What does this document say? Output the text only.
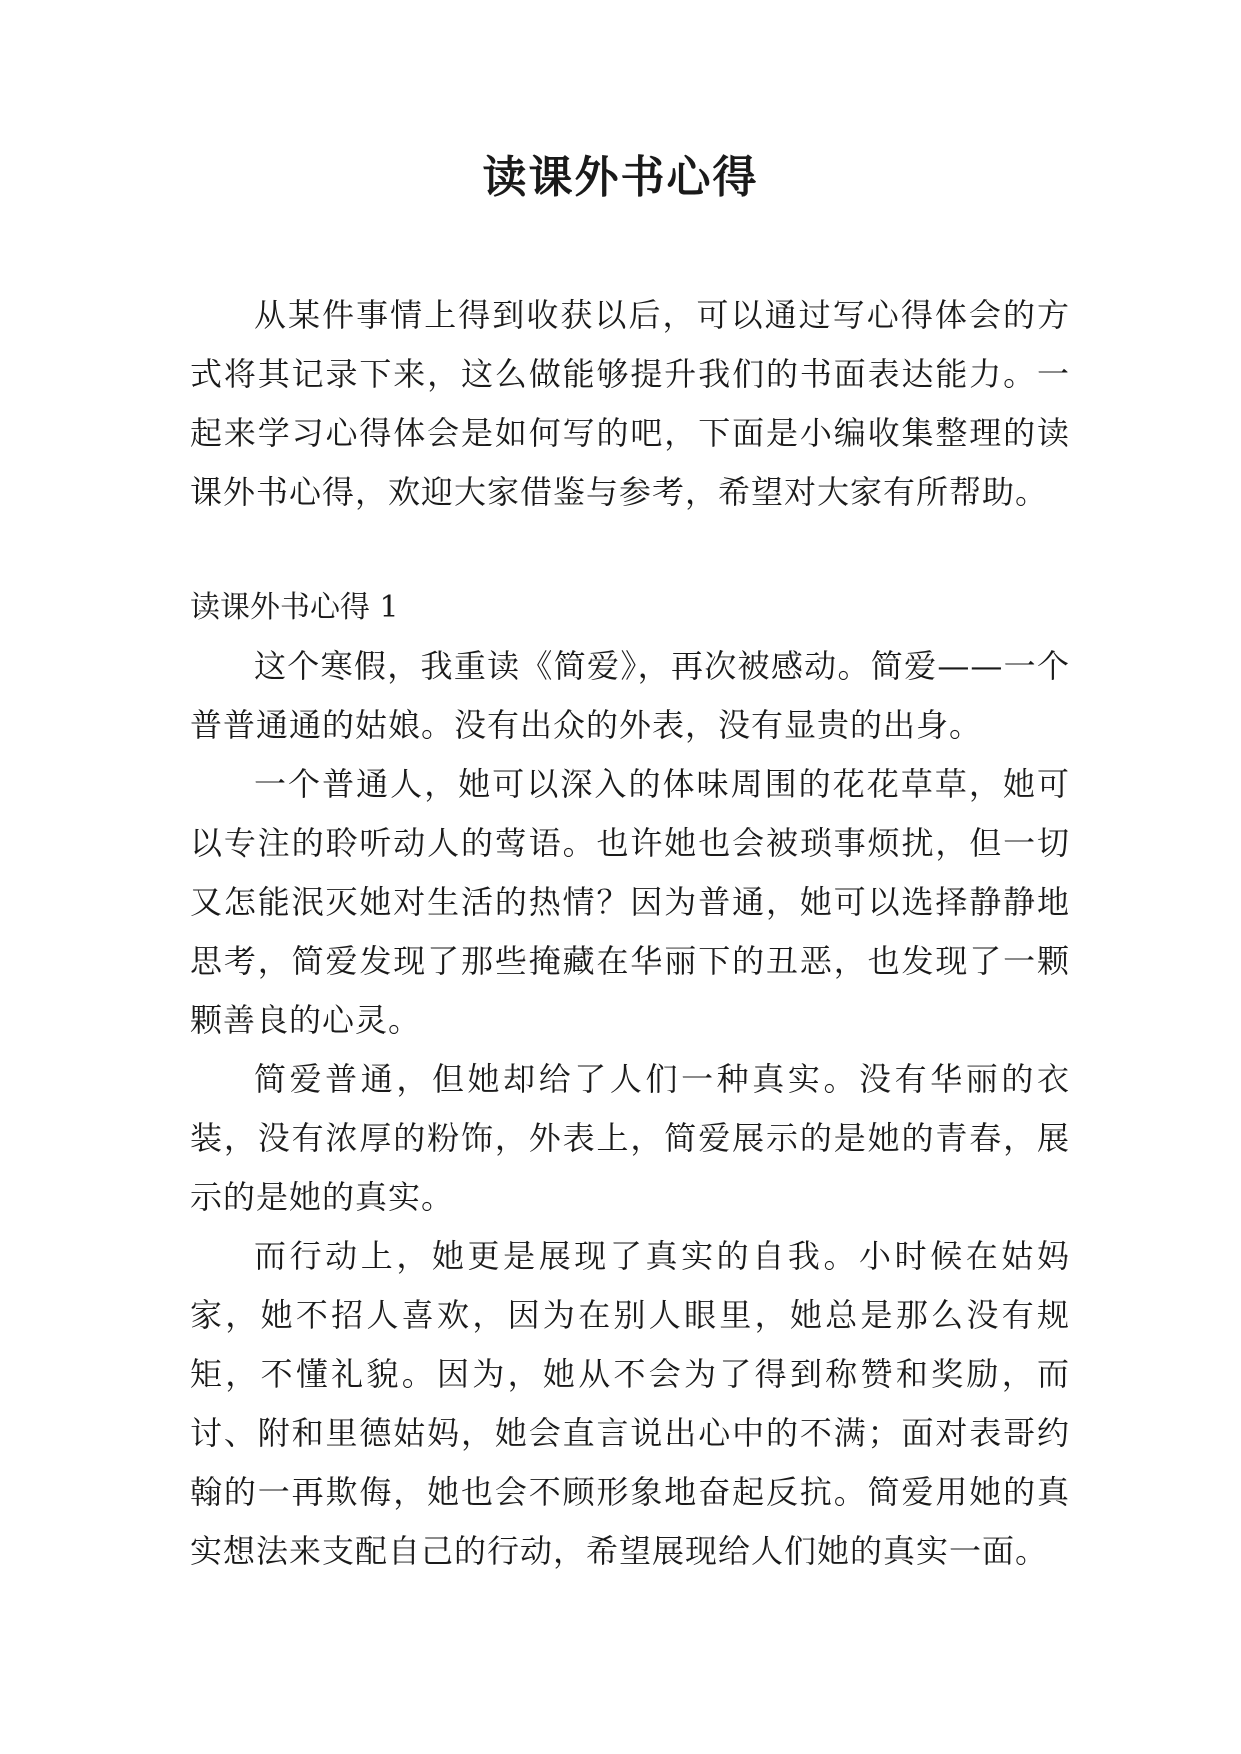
读课外书心得

从某件事情上得到收获以后，可以通过写心得体会的方式将其记录下来，这么做能够提升我们的书面表达能力。一起来学习心得体会是如何写的吧，下面是小编收集整理的读课外书心得，欢迎大家借鉴与参考，希望对大家有所帮助。

读课外书心得 1

这个寒假，我重读《简爱》，再次被感动。简爱——一个普普通通的姑娘。没有出众的外表，没有显贵的出身。

一个普通人，她可以深入的体味周围的花花草草，她可以专注的聆听动人的莺语。也许她也会被琐事烦扰，但一切又怎能泯灭她对生活的热情？因为普通，她可以选择静静地思考，简爱发现了那些掩藏在华丽下的丑恶，也发现了一颗颗善良的心灵。

简爱普通，但她却给了人们一种真实。没有华丽的衣装，没有浓厚的粉饰，外表上，简爱展示的是她的青春，展示的是她的真实。

而行动上，她更是展现了真实的自我。小时候在姑妈家，她不招人喜欢，因为在别人眼里，她总是那么没有规矩，不懂礼貌。因为，她从不会为了得到称赞和奖励，而讨、附和里德姑妈，她会直言说出心中的不满；面对表哥约翰的一再欺侮，她也会不顾形象地奋起反抗。简爱用她的真实想法来支配自己的行动，希望展现给人们她的真实一面。
